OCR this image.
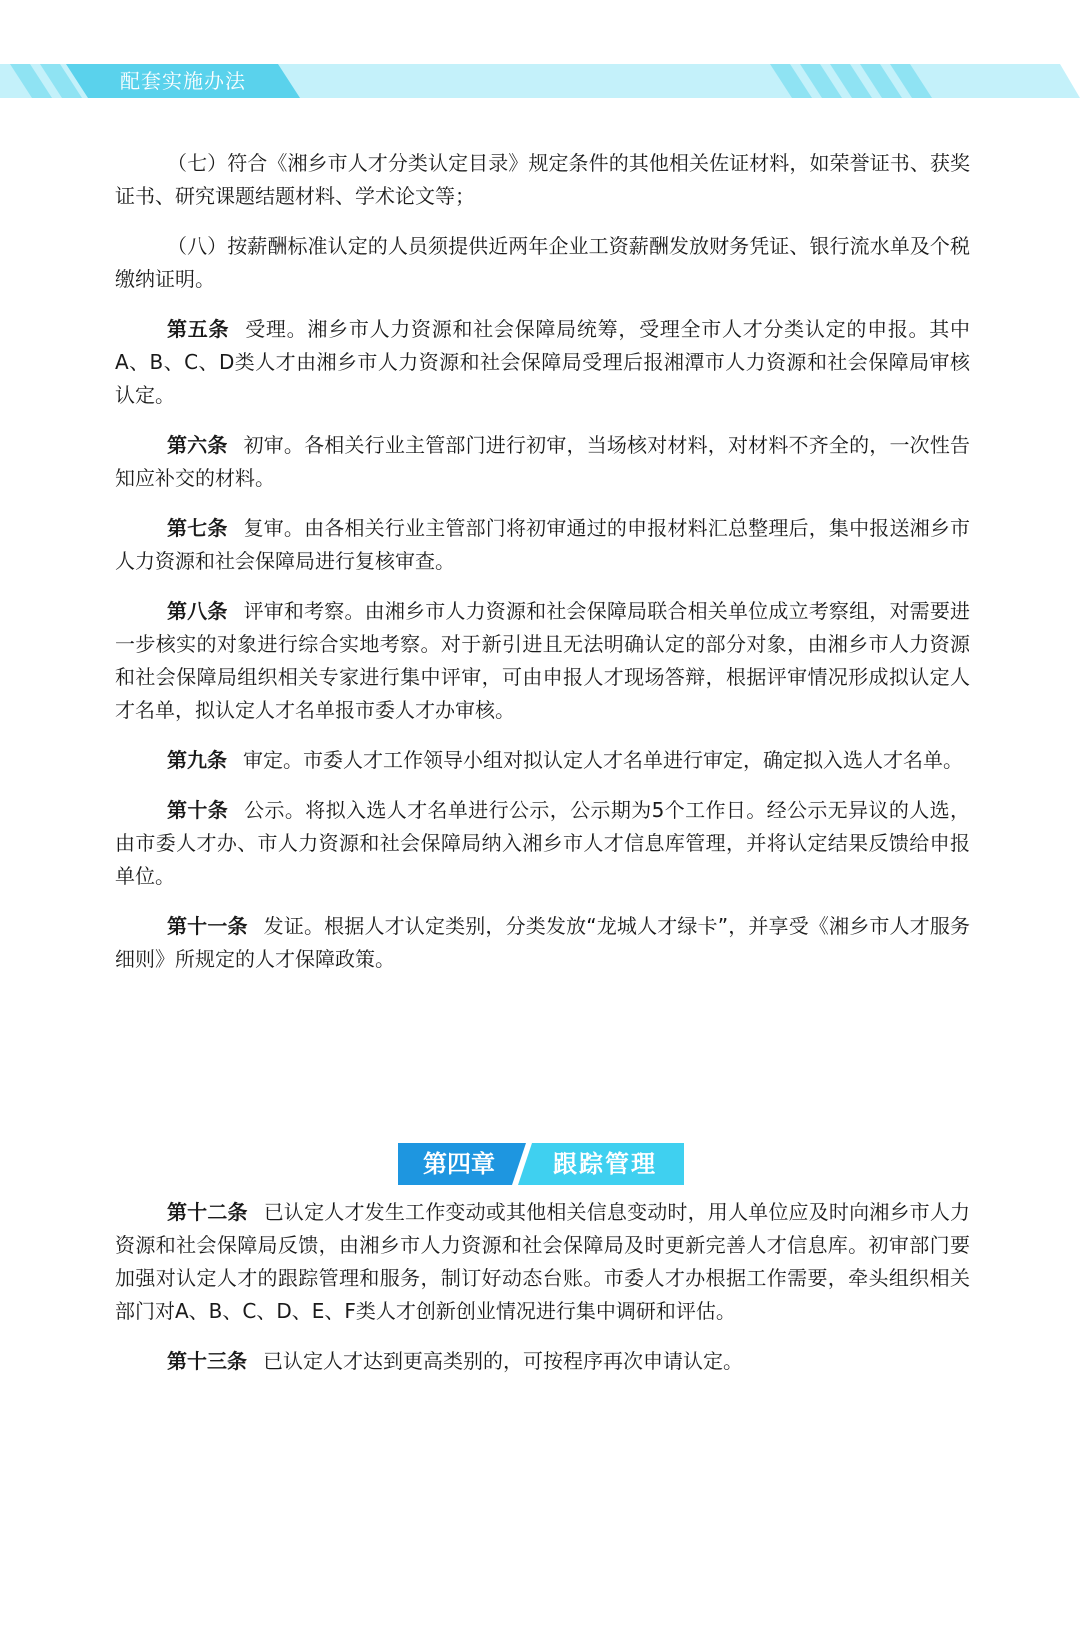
配套实施办法

（七）符合《湘乡市人才分类认定目录》规定条件的其他相关佐证材料，如荣誉证书、获奖证书、研究课题结题材料、学术论文等；

（八）按薪酬标准认定的人员须提供近两年企业工资薪酬发放财务凭证、银行流水单及个税缴纳证明。

第五条 受理。湘乡市人力资源和社会保障局统筹，受理全市人才分类认定的申报。其中A、B、C、D类人才由湘乡市人力资源和社会保障局受理后报湘潭市人力资源和社会保障局审核认定。

第六条 初审。各相关行业主管部门进行初审，当场核对材料，对材料不齐全的，一次性告知应补交的材料。

第七条 复审。由各相关行业主管部门将初审通过的申报材料汇总整理后，集中报送湘乡市人力资源和社会保障局进行复核审查。

第八条 评审和考察。由湘乡市人力资源和社会保障局联合相关单位成立考察组，对需要进一步核实的对象进行综合实地考察。对于新引进且无法明确认定的部分对象，由湘乡市人力资源和社会保障局组织相关专家进行集中评审，可由申报人才现场答辩，根据评审情况形成拟认定人才名单，拟认定人才名单报市委人才办审核。

第九条 审定。市委人才工作领导小组对拟认定人才名单进行审定，确定拟入选人才名单。

第十条 公示。将拟入选人才名单进行公示，公示期为5个工作日。经公示无异议的人选，由市委人才办、市人力资源和社会保障局纳入湘乡市人才信息库管理，并将认定结果反馈给申报单位。

第十一条 发证。根据人才认定类别，分类发放“龙城人才绿卡”，并享受《湘乡市人才服务细则》所规定的人才保障政策。

第四章	跟踪管理

第十二条 已认定人才发生工作变动或其他相关信息变动时，用人单位应及时向湘乡市人力资源和社会保障局反馈，由湘乡市人力资源和社会保障局及时更新完善人才信息库。初审部门要加强对认定人才的跟踪管理和服务，制订好动态台账。市委人才办根据工作需要，牵头组织相关部门对A、B、C、D、E、F类人才创新创业情况进行集中调研和评估。

第十三条 已认定人才达到更高类别的，可按程序再次申请认定。
